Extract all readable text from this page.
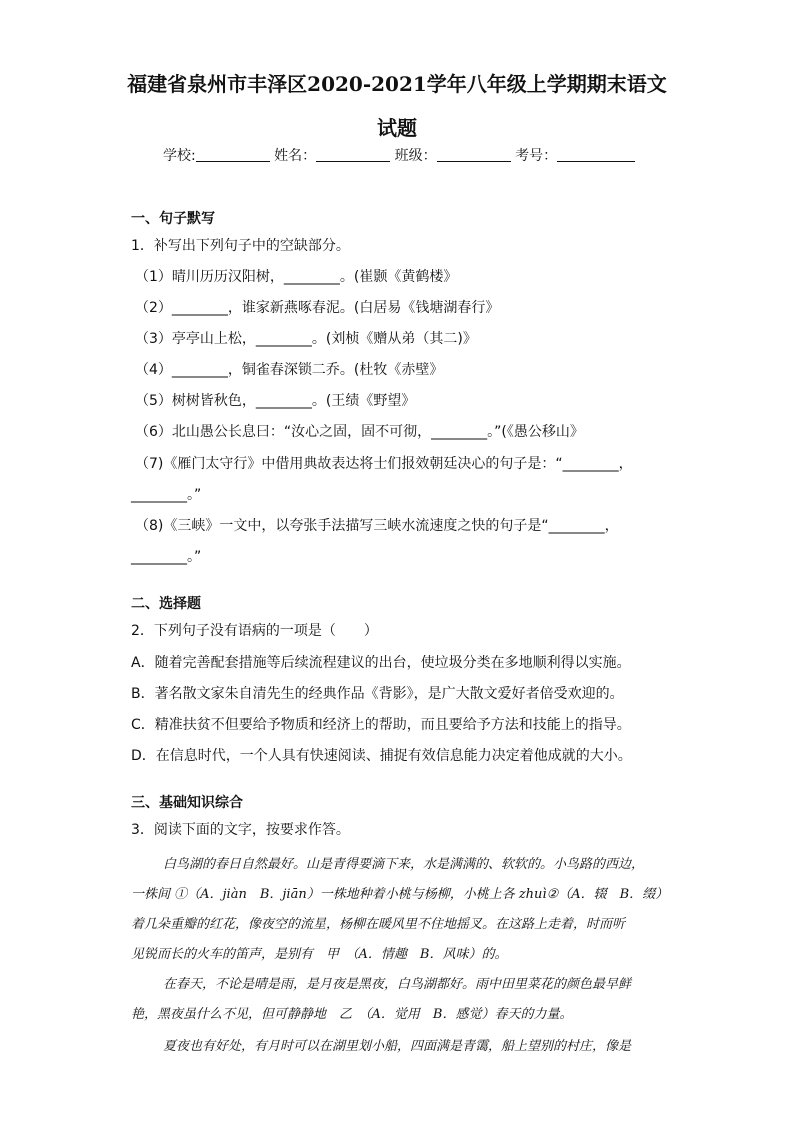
福建省泉州市丰泽区2020-2021学年八年级上学期期末语文
试题
学校:	姓名：	班级：	考号：
一、句子默写
1．补写出下列句子中的空缺部分。
（1）晴川历历汉阳树，________。(崔颢《黄鹤楼》
（2）________，谁家新燕啄春泥。(白居易《钱塘湖春行》
（3）亭亭山上松，________。(刘桢《赠从弟（其二)》
（4）________，铜雀春深锁二乔。(杜牧《赤壁》
（5）树树皆秋色，________。(王绩《野望》
（6）北山愚公长息曰：“汝心之固，固不可彻，________。”(《愚公移山》
（7)《雁门太守行》中借用典故表达将士们报效朝廷决心的句子是：“________，
________。”
（8)《三峡》一文中，以夸张手法描写三峡水流速度之快的句子是“________，
________。”
二、选择题
2．下列句子没有语病的一项是（　　）
A．随着完善配套措施等后续流程建议的出台，使垃圾分类在多地顺利得以实施。
B．著名散文家朱自清先生的经典作品《背影》，是广大散文爱好者倍受欢迎的。
C．精准扶贫不但要给予物质和经济上的帮助，而且要给予方法和技能上的指导。
D．在信息时代，一个人具有快速阅读、捕捉有效信息能力决定着他成就的大小。
三、基础知识综合
3．阅读下面的文字，按要求作答。
白鸟湖的春日自然最好。山是青得要滴下来，水是满满的、软软的。小鸟路的西边，
一株间 ①（A．jiàn　B．jiān）一株地种着小桃与杨柳，小桃上各 zhuì②（A．辍　B．缀）
着几朵重瓣的红花，像夜空的流星，杨柳在暖风里不住地摇叉。在这路上走着，时而听
见锐而长的火车的笛声，是别有　甲　（A．情趣　B．风味）的。
在春天，不论是晴是雨，是月夜是黑夜，白鸟湖都好。雨中田里菜花的颜色最早鲜
艳，黑夜虽什么不见，但可静静地　乙　（A．觉用　B．感觉）春天的力量。
夏夜也有好处，有月时可以在湖里划小船，四面满是青霭，船上望别的村庄，像是
